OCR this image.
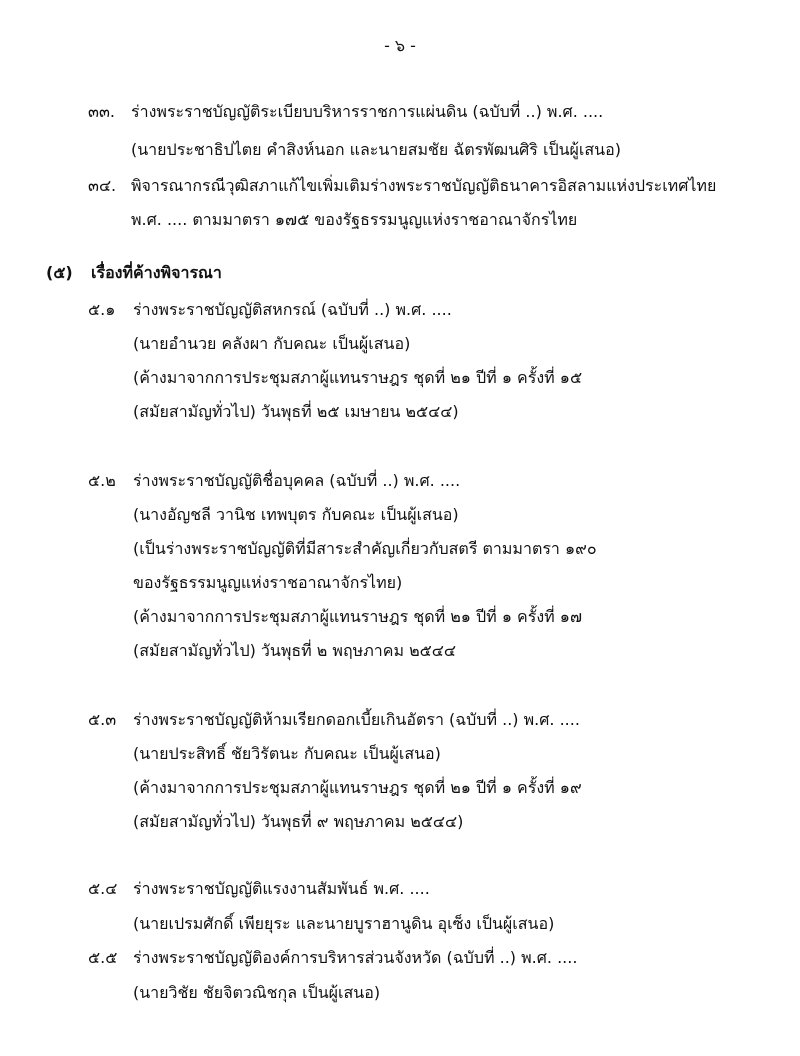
- ๖ -
๓๓. ร่างพระราชบัญญัติระเบียบบริหารราชการแผ่นดิน (ฉบับที่ ..) พ.ศ. ....
(นายประชาธิปไตย คำสิงห์นอก และนายสมชัย ฉัตรพัฒนศิริ เป็นผู้เสนอ)
๓๔. พิจารณากรณีวุฒิสภาแก้ไขเพิ่มเติมร่างพระราชบัญญัติธนาคารอิสลามแห่งประเทศไทย
พ.ศ. .... ตามมาตรา ๑๗๕ ของรัฐธรรมนูญแห่งราชอาณาจักรไทย
(๕) เรื่องที่ค้างพิจารณา
๕.๑ ร่างพระราชบัญญัติสหกรณ์ (ฉบับที่ ..) พ.ศ. ....
(นายอำนวย คลังผา กับคณะ เป็นผู้เสนอ)
(ค้างมาจากการประชุมสภาผู้แทนราษฎร ชุดที่ ๒๑ ปีที่ ๑ ครั้งที่ ๑๕
(สมัยสามัญทั่วไป) วันพุธที่ ๒๕ เมษายน ๒๕๔๔)
๕.๒ ร่างพระราชบัญญัติชื่อบุคคล (ฉบับที่ ..) พ.ศ. ....
(นางอัญชลี วานิช เทพบุตร กับคณะ เป็นผู้เสนอ)
(เป็นร่างพระราชบัญญัติที่มีสาระสำคัญเกี่ยวกับสตรี ตามมาตรา ๑๙๐
ของรัฐธรรมนูญแห่งราชอาณาจักรไทย)
(ค้างมาจากการประชุมสภาผู้แทนราษฎร ชุดที่ ๒๑ ปีที่ ๑ ครั้งที่ ๑๗
(สมัยสามัญทั่วไป) วันพุธที่ ๒ พฤษภาคม ๒๕๔๔
๕.๓ ร่างพระราชบัญญัติห้ามเรียกดอกเบี้ยเกินอัตรา (ฉบับที่ ..) พ.ศ. ....
(นายประสิทธิ์ ชัยวิรัตนะ กับคณะ เป็นผู้เสนอ)
(ค้างมาจากการประชุมสภาผู้แทนราษฎร ชุดที่ ๒๑ ปีที่ ๑ ครั้งที่ ๑๙
(สมัยสามัญทั่วไป) วันพุธที่ ๙ พฤษภาคม ๒๕๔๔)
๕.๔ ร่างพระราชบัญญัติแรงงานสัมพันธ์ พ.ศ. ....
(นายเปรมศักดิ์ เพียยุระ และนายบูราฮานูดิน อุเซ็ง เป็นผู้เสนอ)
๕.๕ ร่างพระราชบัญญัติองค์การบริหารส่วนจังหวัด (ฉบับที่ ..) พ.ศ. ....
(นายวิชัย ชัยจิตวณิชกุล เป็นผู้เสนอ)
